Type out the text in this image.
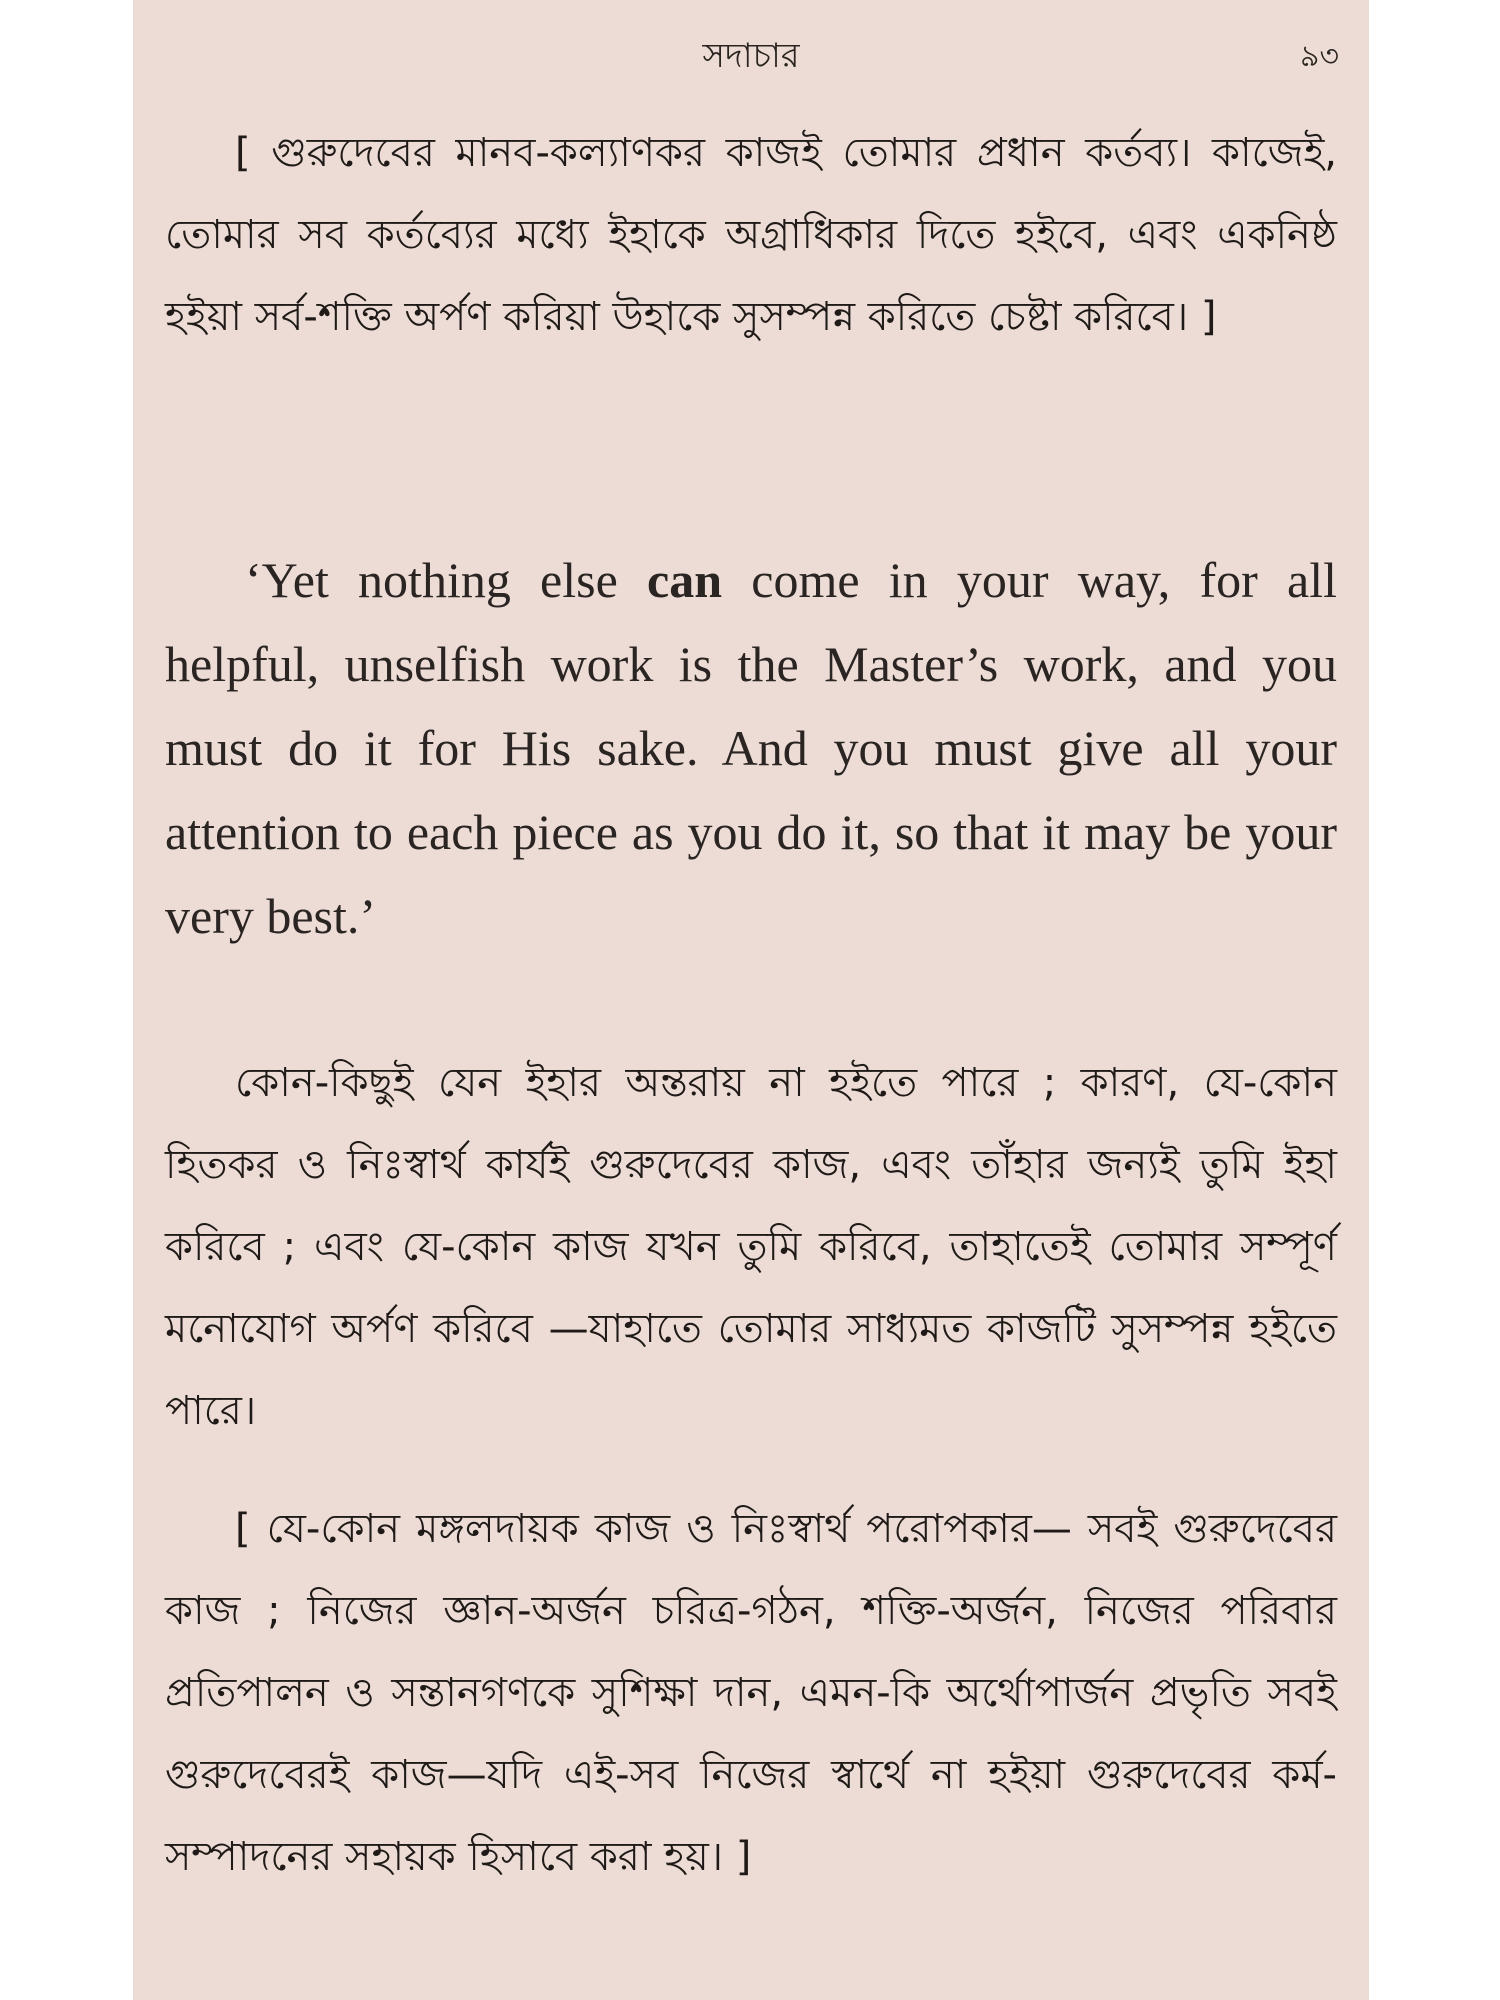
সদাচার	৯৩

[ গুরুদেবের মানব-কল্যাণকর কাজই তোমার প্রধান কর্তব্য। কাজেই, তোমার সব কর্তব্যের মধ্যে ইহাকে অগ্রাধিকার দিতে হইবে, এবং একনিষ্ঠ হইয়া সর্ব-শক্তি অর্পণ করিয়া উহাকে সুসম্পন্ন করিতে চেষ্টা করিবে। ]

‘Yet nothing else can come in your way, for all helpful, unselfish work is the Master’s work, and you must do it for His sake. And you must give all your attention to each piece as you do it, so that it may be your very best.’

কোন-কিছুই যেন ইহার অন্তরায় না হইতে পারে ; কারণ, যে-কোন হিতকর ও নিঃস্বার্থ কার্যই গুরুদেবের কাজ, এবং তাঁহার জন্যই তুমি ইহা করিবে ; এবং যে-কোন কাজ যখন তুমি করিবে, তাহাতেই তোমার সম্পূর্ণ মনোযোগ অর্পণ করিবে —যাহাতে তোমার সাধ্যমত কাজটি সুসম্পন্ন হইতে পারে।

[ যে-কোন মঙ্গলদায়ক কাজ ও নিঃস্বার্থ পরোপকার— সবই গুরুদেবের কাজ ; নিজের জ্ঞান-অর্জন চরিত্র-গঠন, শক্তি-অর্জন, নিজের পরিবার প্রতিপালন ও সন্তানগণকে সুশিক্ষা দান, এমন-কি অর্থোপার্জন প্রভৃতি সবই গুরুদেবেরই কাজ—যদি এই-সব নিজের স্বার্থে না হইয়া গুরুদেবের কর্ম-সম্পাদনের সহায়ক হিসাবে করা হয়। ]
